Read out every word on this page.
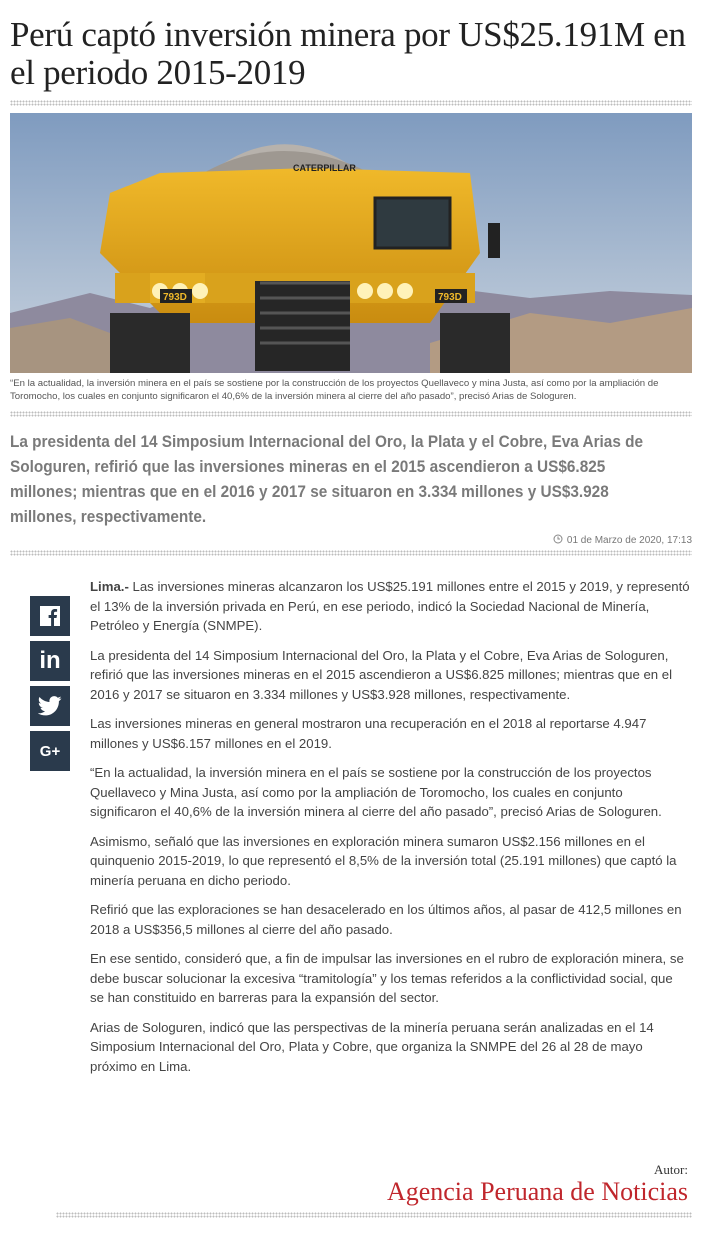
Perú captó inversión minera por US$25.191M en el periodo 2015-2019
CATERPILLAR
793D	793D

“En la actualidad, la inversión minera en el país se sostiene por la construcción de los proyectos Quellaveco y mina Justa, así como por la ampliación de Toromocho, los cuales en conjunto significaron el 40,6% de la inversión minera al cierre del año pasado”, precisó Arias de Sologuren.

La presidenta del 14 Simposium Internacional del Oro, la Plata y el Cobre, Eva Arias de Sologuren, refirió que las inversiones mineras en el 2015 ascendieron a US$6.825 millones; mientras que en el 2016 y 2017 se situaron en 3.334 millones y US$3.928 millones, respectivamente.

01 de Marzo de 2020, 17:13
in
G+

Lima.- Las inversiones mineras alcanzaron los US$25.191 millones entre el 2015 y 2019, y representó el 13% de la inversión privada en Perú, en ese periodo, indicó la Sociedad Nacional de Minería, Petróleo y Energía (SNMPE).

La presidenta del 14 Simposium Internacional del Oro, la Plata y el Cobre, Eva Arias de Sologuren, refirió que las inversiones mineras en el 2015 ascendieron a US$6.825 millones; mientras que en el 2016 y 2017 se situaron en 3.334 millones y US$3.928 millones, respectivamente.

Las inversiones mineras en general mostraron una recuperación en el 2018 al reportarse 4.947 millones y US$6.157 millones en el 2019.

“En la actualidad, la inversión minera en el país se sostiene por la construcción de los proyectos Quellaveco y Mina Justa, así como por la ampliación de Toromocho, los cuales en conjunto significaron el 40,6% de la inversión minera al cierre del año pasado”, precisó Arias de Sologuren.

Asimismo, señaló que las inversiones en exploración minera sumaron US$2.156 millones en el quinquenio 2015-2019, lo que representó el 8,5% de la inversión total (25.191 millones) que captó la minería peruana en dicho periodo.

Refirió que las exploraciones se han desacelerado en los últimos años, al pasar de 412,5 millones en 2018 a US$356,5 millones al cierre del año pasado.

En ese sentido, consideró que, a fin de impulsar las inversiones en el rubro de exploración minera, se debe buscar solucionar la excesiva “tramitología” y los temas referidos a la conflictividad social, que se han constituido en barreras para la expansión del sector.

Arias de Sologuren, indicó que las perspectivas de la minería peruana serán analizadas en el 14 Simposium Internacional del Oro, Plata y Cobre, que organiza la SNMPE del 26 al 28 de mayo próximo en Lima.

Autor:
Agencia Peruana de Noticias
